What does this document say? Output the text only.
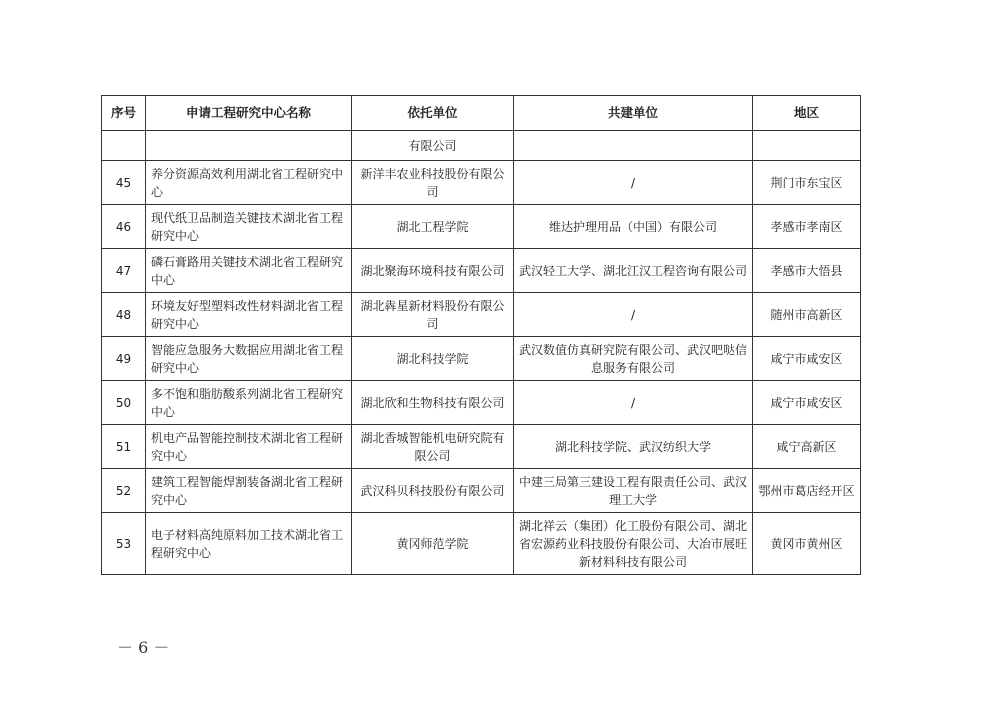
序号	申请工程研究中心名称	依托单位	共建单位	地区
		有限公司		
45	养分资源高效利用湖北省工程研究中心	新洋丰农业科技股份有限公司	/	荆门市东宝区
46	现代纸卫品制造关键技术湖北省工程研究中心	湖北工程学院	维达护理用品（中国）有限公司	孝感市孝南区
47	磷石膏路用关键技术湖北省工程研究中心	湖北聚海环境科技有限公司	武汉轻工大学、湖北江汉工程咨询有限公司	孝感市大悟县
48	环境友好型塑料改性材料湖北省工程研究中心	湖北犇星新材料股份有限公司	/	随州市高新区
49	智能应急服务大数据应用湖北省工程研究中心	湖北科技学院	武汉数值仿真研究院有限公司、武汉吧哒信息服务有限公司	咸宁市咸安区
50	多不饱和脂肪酸系列湖北省工程研究中心	湖北欣和生物科技有限公司	/	咸宁市咸安区
51	机电产品智能控制技术湖北省工程研究中心	湖北香城智能机电研究院有限公司	湖北科技学院、武汉纺织大学	咸宁高新区
52	建筑工程智能焊割装备湖北省工程研究中心	武汉科贝科技股份有限公司	中建三局第三建设工程有限责任公司、武汉理工大学	鄂州市葛店经开区
53	电子材料高纯原料加工技术湖北省工程研究中心	黄冈师范学院	湖北祥云（集团）化工股份有限公司、湖北省宏源药业科技股份有限公司、大冶市展旺新材料科技有限公司	黄冈市黄州区
－ 6 －
